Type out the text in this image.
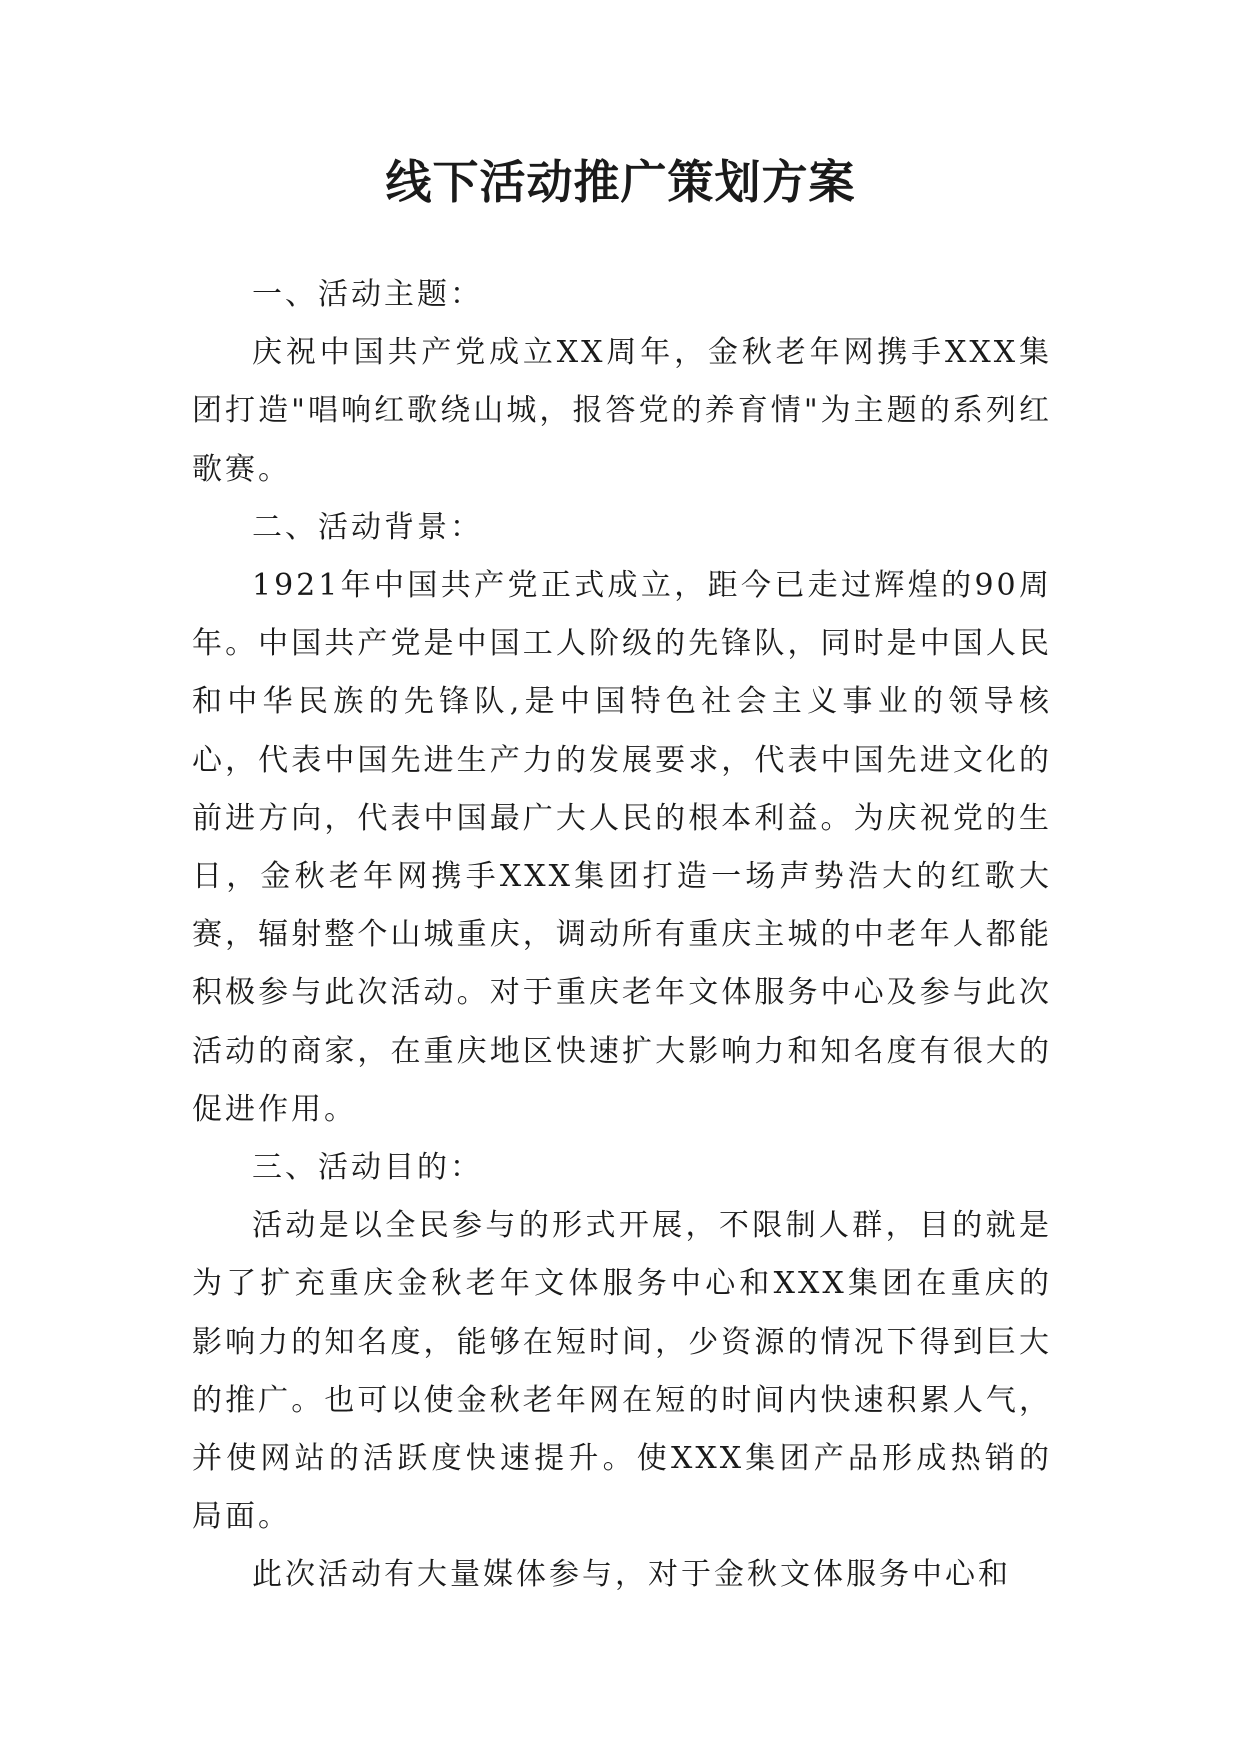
线下活动推广策划方案

一、活动主题：

庆祝中国共产党成立XX周年，金秋老年网携手XXX集团打造"唱响红歌绕山城，报答党的养育情"为主题的系列红歌赛。

二、活动背景：

1921年中国共产党正式成立，距今已走过辉煌的90周年。中国共产党是中国工人阶级的先锋队，同时是中国人民和中华民族的先锋队,是中国特色社会主义事业的领导核心，代表中国先进生产力的发展要求，代表中国先进文化的前进方向，代表中国最广大人民的根本利益。为庆祝党的生日，金秋老年网携手XXX集团打造一场声势浩大的红歌大赛，辐射整个山城重庆，调动所有重庆主城的中老年人都能积极参与此次活动。对于重庆老年文体服务中心及参与此次活动的商家，在重庆地区快速扩大影响力和知名度有很大的促进作用。

三、活动目的：

活动是以全民参与的形式开展，不限制人群，目的就是为了扩充重庆金秋老年文体服务中心和XXX集团在重庆的影响力的知名度，能够在短时间，少资源的情况下得到巨大的推广。也可以使金秋老年网在短的时间内快速积累人气，并使网站的活跃度快速提升。使XXX集团产品形成热销的局面。

此次活动有大量媒体参与，对于金秋文体服务中心和
